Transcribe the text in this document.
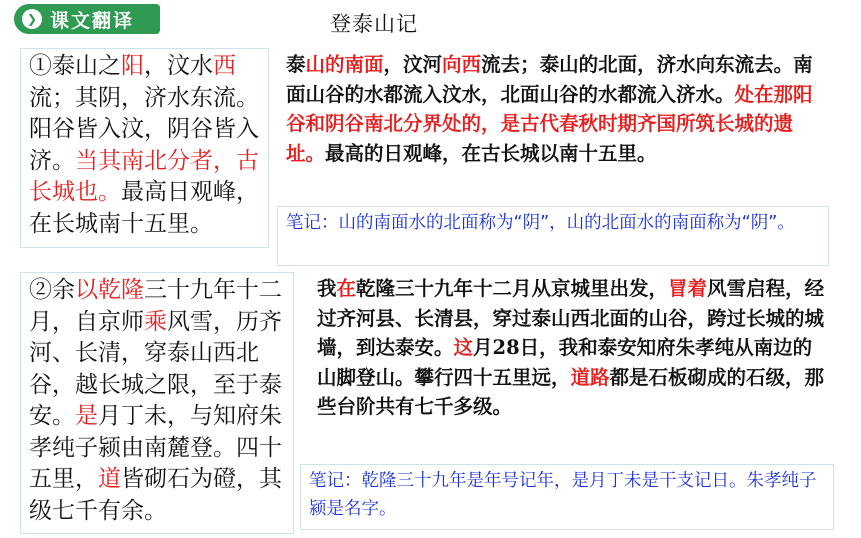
❯ 课文翻译	登泰山记
①泰山之阳，汶水西流；其阴，济水东流。阳谷皆入汶，阴谷皆入济。当其南北分者，古长城也。最高日观峰，在长城南十五里。
泰山的南面，汶河向西流去；泰山的北面，济水向东流去。南面山谷的水都流入汶水，北面山谷的水都流入济水。处在那阳谷和阴谷南北分界处的，是古代春秋时期齐国所筑长城的遗址。最高的日观峰，在古长城以南十五里。
笔记：山的南面水的北面称为“阴”，山的北面水的南面称为“阴”。
②余以乾隆三十九年十二月，自京师乘风雪，历齐河、长清，穿泰山西北谷，越长城之限，至于泰安。是月丁未，与知府朱孝纯子颍由南麓登。四十五里，道皆砌石为磴，其级七千有余。
我在乾隆三十九年十二月从京城里出发，冒着风雪启程，经过齐河县、长清县，穿过泰山西北面的山谷，跨过长城的城墙，到达泰安。这月28日，我和泰安知府朱孝纯从南边的山脚登山。攀行四十五里远，道路都是石板砌成的石级，那些台阶共有七千多级。
笔记：乾隆三十九年是年号记年，是月丁未是干支记日。朱孝纯子颍是名字。
